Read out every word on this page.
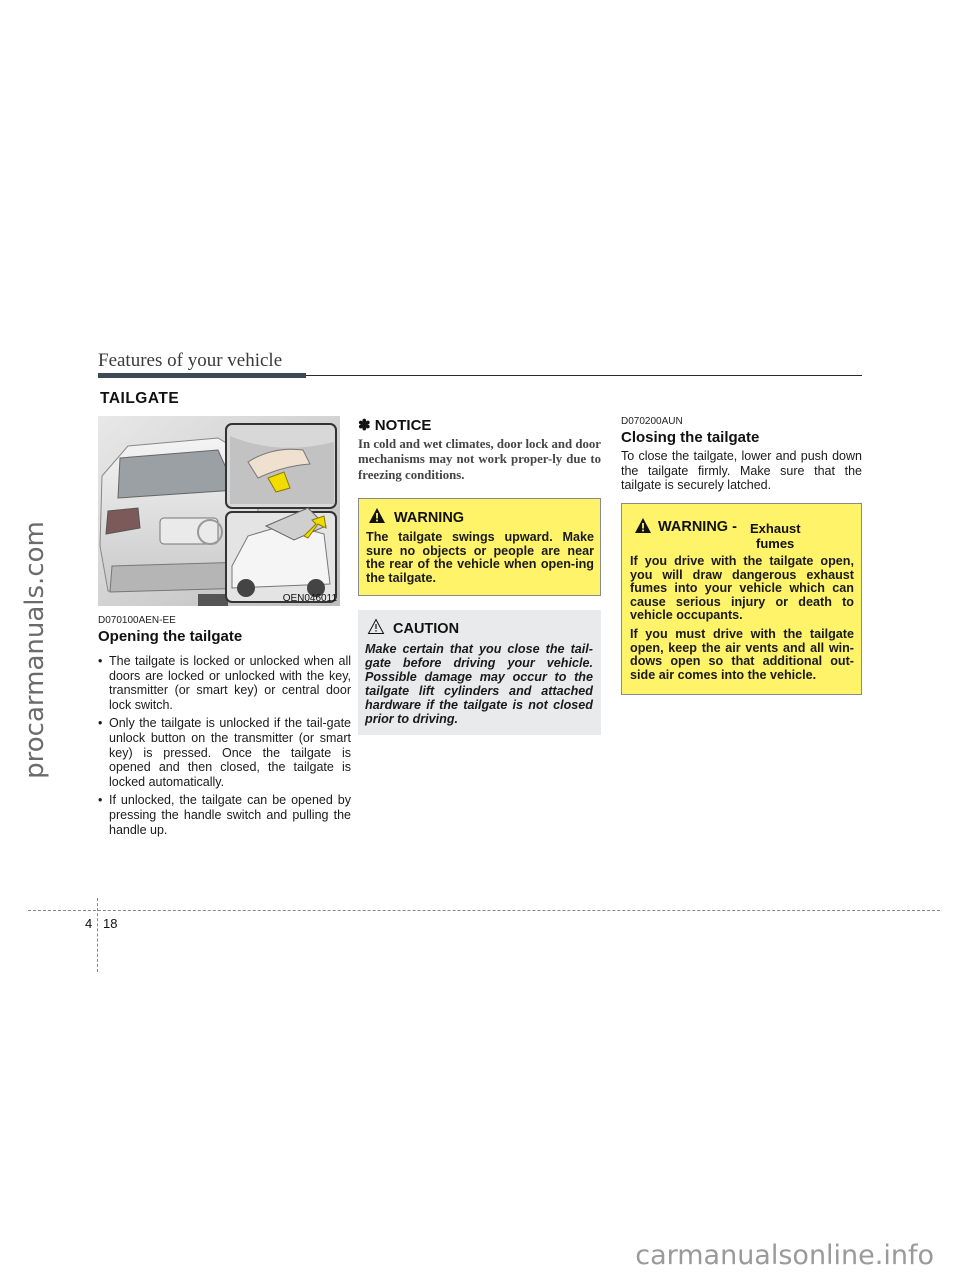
procarmanuals.com
carmanualsonline.info
Features of your vehicle
TAILGATE
OEN046011
D070100AEN-EE
Opening the tailgate
• The tailgate is locked or unlocked when all doors are locked or unlocked with the key, transmitter (or smart key) or central door lock switch.
• Only the tailgate is unlocked if the tail-gate unlock button on the transmitter (or smart key) is pressed. Once the tailgate is opened and then closed, the tailgate is locked automatically.
• If unlocked, the tailgate can be opened by pressing the handle switch and pulling the handle up.
✽ NOTICE
In cold and wet climates, door lock and door mechanisms may not work proper-ly due to freezing conditions.
WARNING
The tailgate swings upward. Make sure no objects or people are near the rear of the vehicle when open-ing the tailgate.
CAUTION
Make certain that you close the tail-gate before driving your vehicle. Possible damage may occur to the tailgate lift cylinders and attached hardware if the tailgate is not closed prior to driving.
D070200AUN
Closing the tailgate
To close the tailgate, lower and push down the tailgate firmly. Make sure that the tailgate is securely latched.
WARNING - Exhaust
fumes
If you drive with the tailgate open, you will draw dangerous exhaust fumes into your vehicle which can cause serious injury or death to vehicle occupants.
If you must drive with the tailgate open, keep the air vents and all win-dows open so that additional out-side air comes into the vehicle.
4 18
